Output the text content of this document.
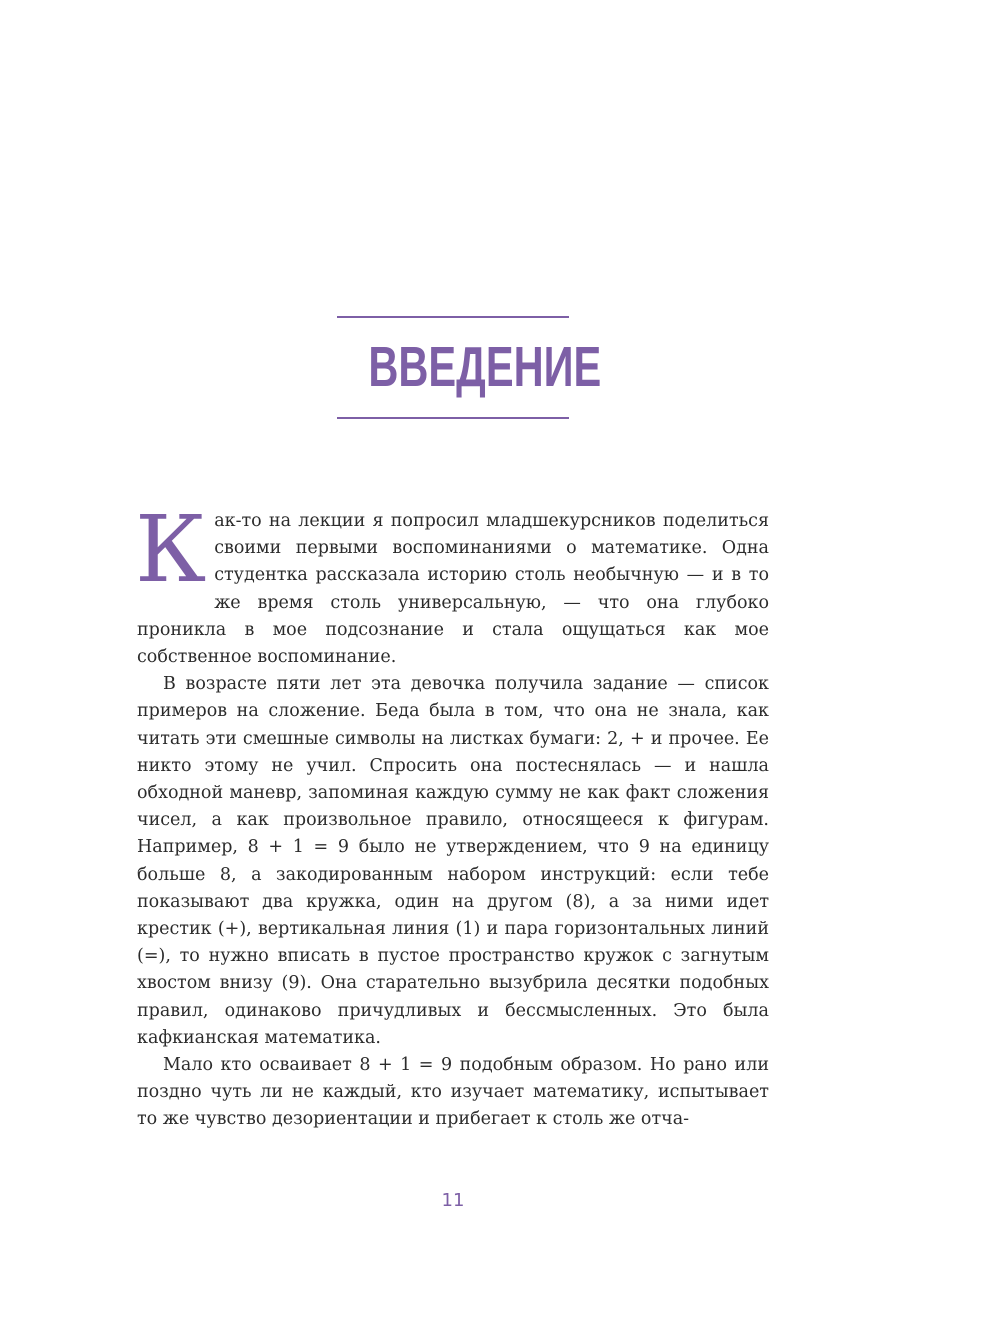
ВВЕДЕНИЕ

Как-то на лекции я попросил младшекурсников поделиться своими первыми воспоминаниями о математике. Одна студентка рассказала историю столь необычную — и в то же время столь универсальную, — что она глубоко проникла в мое подсознание и стала ощущаться как мое собственное воспоминание.

В возрасте пяти лет эта девочка получила задание — список примеров на сложение. Беда была в том, что она не знала, как читать эти смешные символы на листках бумаги: 2, + и прочее. Ее никто этому не учил. Спросить она постеснялась — и нашла обходной маневр, запоминая каждую сумму не как факт сложения чисел, а как произвольное правило, относящееся к фигурам. Например, 8 + 1 = 9 было не утверждением, что 9 на единицу больше 8, а закодированным набором инструкций: если тебе показывают два кружка, один на другом (8), а за ними идет крестик (+), вертикальная линия (1) и пара горизонтальных линий (=), то нужно вписать в пустое пространство кружок с загнутым хвостом внизу (9). Она старательно вызубрила десятки подобных правил, одинаково причудливых и бессмысленных. Это была кафкианская математика.

Мало кто осваивает 8 + 1 = 9 подобным образом. Но рано или поздно чуть ли не каждый, кто изучает математику, испытывает то же чувство дезориентации и прибегает к столь же отча-

11
